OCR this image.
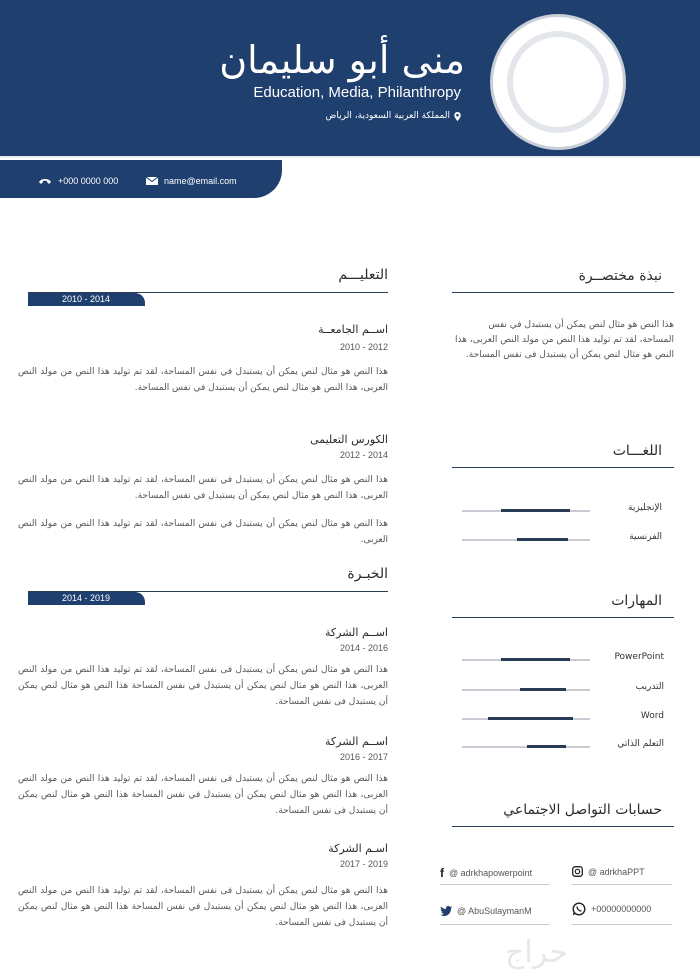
منى أبو سليمان
Education, Media, Philanthropy
المملكة العربية السعودية، الرياض
+000 0000 000	name@email.com
نبذة مختصــرة
هذا النص هو مثال لنص يمكن أن يستبدل في نفس المساحة، لقد تم توليد هذا النص من مولد النص العربى، هذا النص هو مثال لنص يمكن أن يستبدل فى نفس المساحة.
اللغـــات
الإنجليزية
الفرنسية
المهارات
PowerPoint
التدريب
Word
التعلم الذاتي
حسابات التواصل الاجتماعي
f @ adrkhapowerpoint	@ adrkhaPPT
@ AbuSulaymanM	+00000000000
التعليـــم
2010 - 2014
اســم الجامعــة
2010 - 2012
هذا النص هو مثال لنص يمكن أن يستبدل في نفس المساحة، لقد تم توليد هذا النص من مولد النص العربى، هذا النص هو مثال لنص يمكن أن يستبدل في نفس المساحة.
الكورس التعليمى
2012 - 2014
هذا النص هو مثال لنص يمكن أن يستبدل في نفس المساحة، لقد تم توليد هذا النص من مولد النص العربى، هذا النص هو مثال لنص يمكن أن يستبدل في نفس المساحة.
هذا النص هو مثال لنص يمكن أن يستبدل في نفس المساحة، لقد تم توليد هذا النص من مولد النص العربى.
الخبـرة
2014 - 2019
اســم الشركة
2014 - 2016
هذا النص هو مثال لنص يمكن أن يستبدل فى نفس المساحة، لقد تم توليد هذا النص من مولد النص العربى، هذا النص هو مثال لنص يمكن أن يستبدل في نفس المساحة هذا النص هو مثال لنص يمكن أن يستبدل فى نفس المساحة.
اســم الشركة
2016 - 2017
هذا النص هو مثال لنص يمكن أن يستبدل فى نفس المساحة، لقد تم توليد هذا النص من مولد النص العربى، هذا النص هو مثال لنص يمكن أن يستبدل في نفس المساحة هذا النص هو مثال لنص يمكن أن يستبدل فى نفس المساحة.
اسـم الشركة
2017 - 2019
هذا النص هو مثال لنص يمكن أن يستبدل فى نفس المساحة، لقد تم توليد هذا النص من مولد النص العربى، هذا النص هو مثال لنص يمكن أن يستبدل في نفس المساحة هذا النص هو مثال لنص يمكن أن يستبدل فى نفس المساحة.
حراج
